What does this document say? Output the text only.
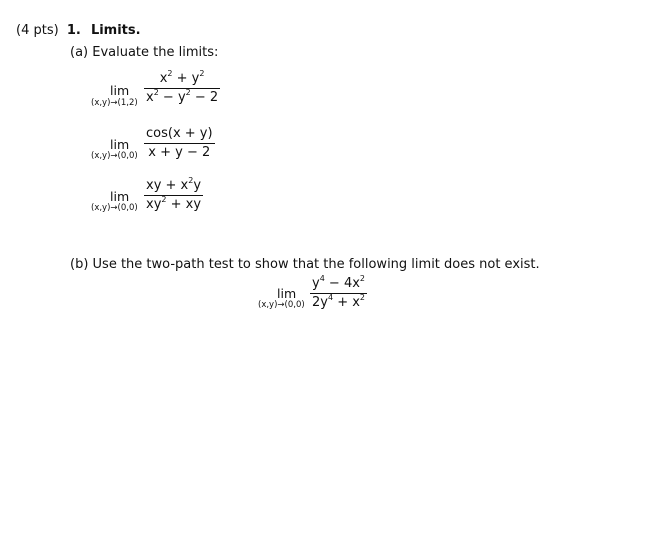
(4 pts) 1. Limits.
(a) Evaluate the limits:
lim
(x,y)→(1,2)
$x^2 + y^2$
$x^2 - y^2 - 2$
lim
(x,y)→(0,0)
cos(x + y)
x + y − 2
lim
(x,y)→(0,0)
xy + $x^2y$
$xy^2$ + xy
(b) Use the two-path test to show that the following limit does not exist.
lim
(x,y)→(0,0)
$y^4 - 4x^2$
$2y^4 + x^2$
